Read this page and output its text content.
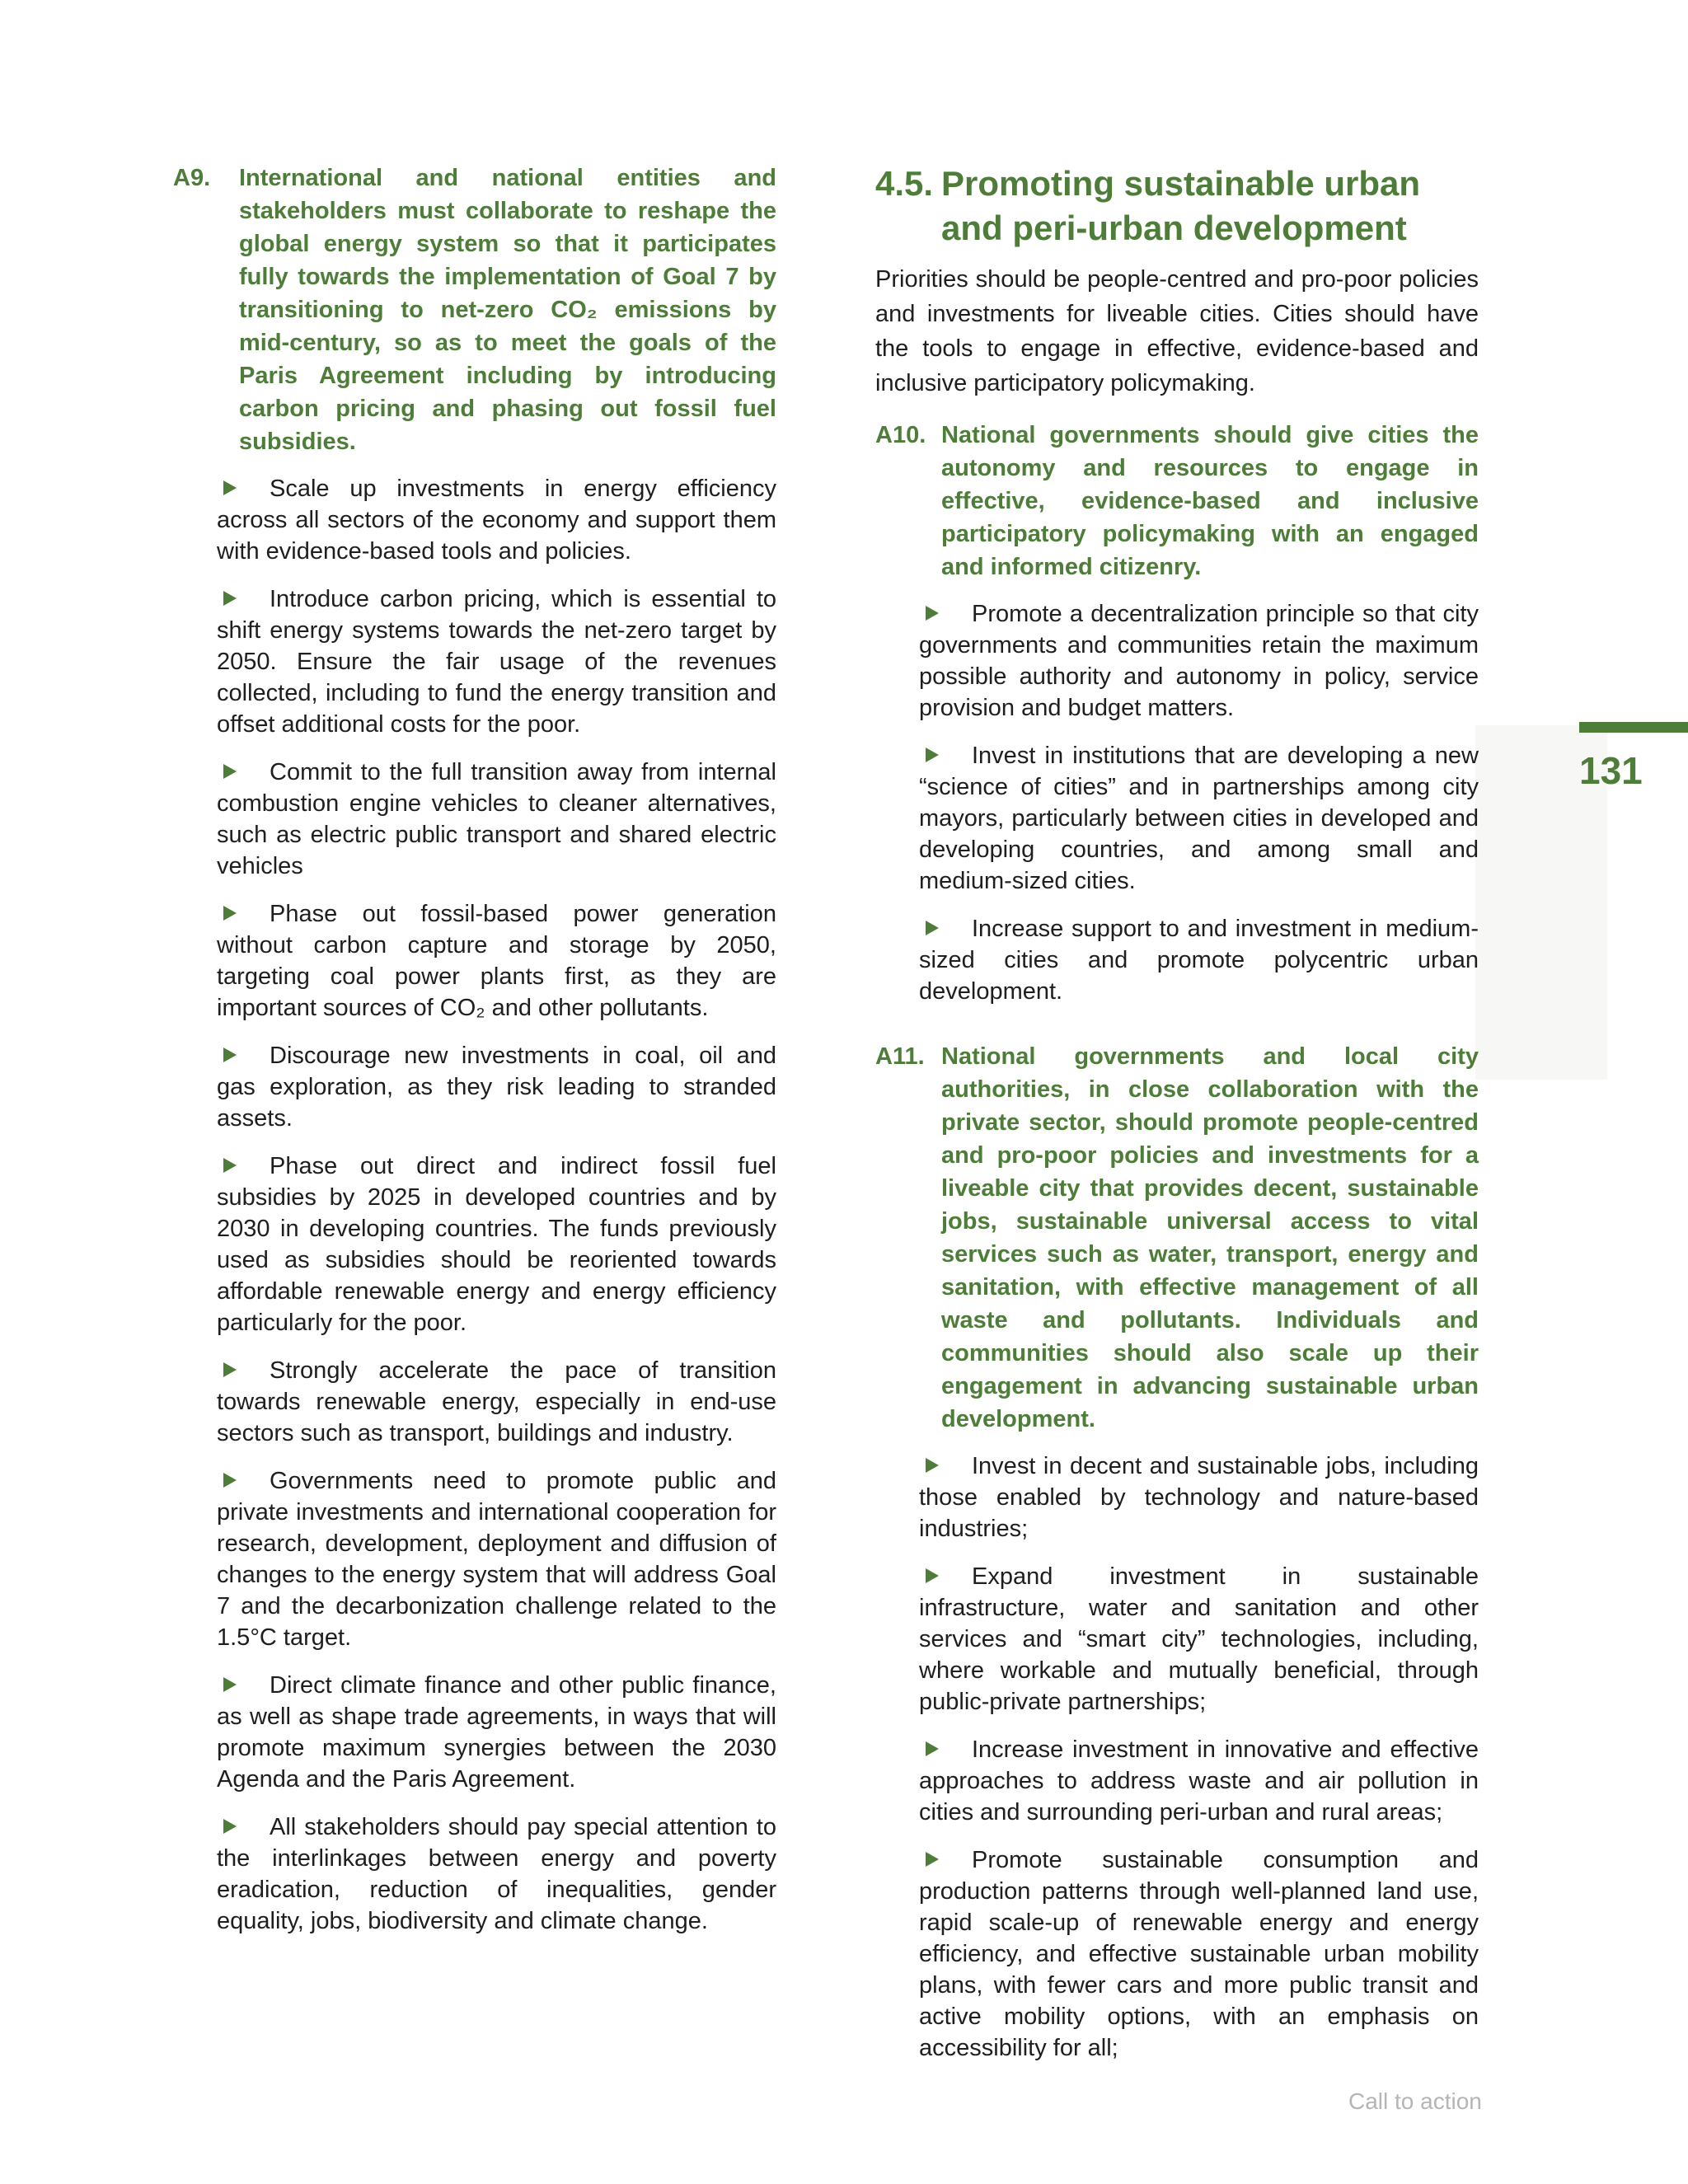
A9.	International and national entities and stakeholders must collaborate to reshape the global energy system so that it participates fully towards the implementation of Goal 7 by transitioning to net-zero CO₂ emissions by mid-century, so as to meet the goals of the Paris Agreement including by introducing carbon pricing and phasing out fossil fuel subsidies.
Scale up investments in energy efficiency across all sectors of the economy and support them with evidence-based tools and policies.
Introduce carbon pricing, which is essential to shift energy systems towards the net-zero target by 2050. Ensure the fair usage of the revenues collected, including to fund the energy transition and offset additional costs for the poor.
Commit to the full transition away from internal combustion engine vehicles to cleaner alternatives, such as electric public transport and shared electric vehicles
Phase out fossil-based power generation without carbon capture and storage by 2050, targeting coal power plants first, as they are important sources of CO₂ and other pollutants.
Discourage new investments in coal, oil and gas exploration, as they risk leading to stranded assets.
Phase out direct and indirect fossil fuel subsidies by 2025 in developed countries and by 2030 in developing countries. The funds previously used as subsidies should be reoriented towards affordable renewable energy and energy efficiency particularly for the poor.
Strongly accelerate the pace of transition towards renewable energy, especially in end-use sectors such as transport, buildings and industry.
Governments need to promote public and private investments and international cooperation for research, development, deployment and diffusion of changes to the energy system that will address Goal 7 and the decarbonization challenge related to the 1.5°C target.
Direct climate finance and other public finance, as well as shape trade agreements, in ways that will promote maximum synergies between the 2030 Agenda and the Paris Agreement.
All stakeholders should pay special attention to the interlinkages between energy and poverty eradication, reduction of inequalities, gender equality, jobs, biodiversity and climate change.
4.5. Promoting sustainable urban and peri-urban development
Priorities should be people-centred and pro-poor policies and investments for liveable cities. Cities should have the tools to engage in effective, evidence-based and inclusive participatory policymaking.
A10. National governments should give cities the autonomy and resources to engage in effective, evidence-based and inclusive participatory policymaking with an engaged and informed citizenry.
Promote a decentralization principle so that city governments and communities retain the maximum possible authority and autonomy in policy, service provision and budget matters.
Invest in institutions that are developing a new “science of cities” and in partnerships among city mayors, particularly between cities in developed and developing countries, and among small and medium-sized cities.
Increase support to and investment in medium-sized cities and promote polycentric urban development.
A11. National governments and local city authorities, in close collaboration with the private sector, should promote people-centred and pro-poor policies and investments for a liveable city that provides decent, sustainable jobs, sustainable universal access to vital services such as water, transport, energy and sanitation, with effective management of all waste and pollutants. Individuals and communities should also scale up their engagement in advancing sustainable urban development.
Invest in decent and sustainable jobs, including those enabled by technology and nature-based industries;
Expand investment in sustainable infrastructure, water and sanitation and other services and “smart city” technologies, including, where workable and mutually beneficial, through public-private partnerships;
Increase investment in innovative and effective approaches to address waste and air pollution in cities and surrounding peri-urban and rural areas;
Promote sustainable consumption and production patterns through well-planned land use, rapid scale-up of renewable energy and energy efficiency, and effective sustainable urban mobility plans, with fewer cars and more public transit and active mobility options, with an emphasis on accessibility for all;
131
Call to action
